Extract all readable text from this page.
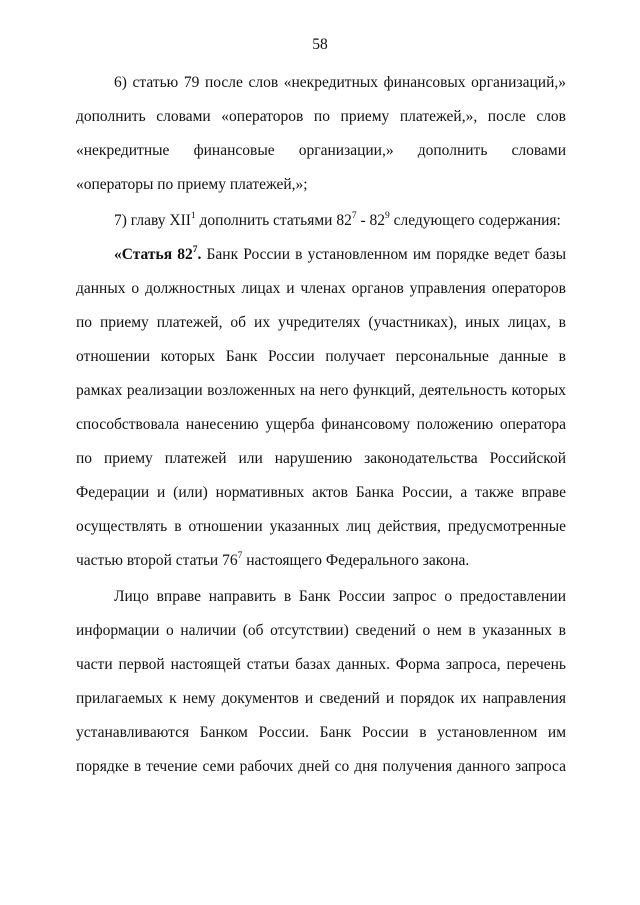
58

6) статью 79 после слов «некредитных финансовых организаций,» дополнить словами «операторов по приему платежей,», после слов «некредитные финансовые организации,» дополнить словами «операторы по приему платежей,»;

7) главу XII$^1$ дополнить статьями $82^7 - 82^9$ следующего содержания:

«Статья $82^7$. Банк России в установленном им порядке ведет базы данных о должностных лицах и членах органов управления операторов по приему платежей, об их учредителях (участниках), иных лицах, в отношении которых Банк России получает персональные данные в рамках реализации возложенных на него функций, деятельность которых способствовала нанесению ущерба финансовому положению оператора по приему платежей или нарушению законодательства Российской Федерации и (или) нормативных актов Банка России, а также вправе осуществлять в отношении указанных лиц действия, предусмотренные частью второй статьи $76^7$ настоящего Федерального закона.

Лицо вправе направить в Банк России запрос о предоставлении информации о наличии (об отсутствии) сведений о нем в указанных в части первой настоящей статьи базах данных. Форма запроса, перечень прилагаемых к нему документов и сведений и порядок их направления устанавливаются Банком России. Банк России в установленном им порядке в течение семи рабочих дней со дня получения данного запроса
